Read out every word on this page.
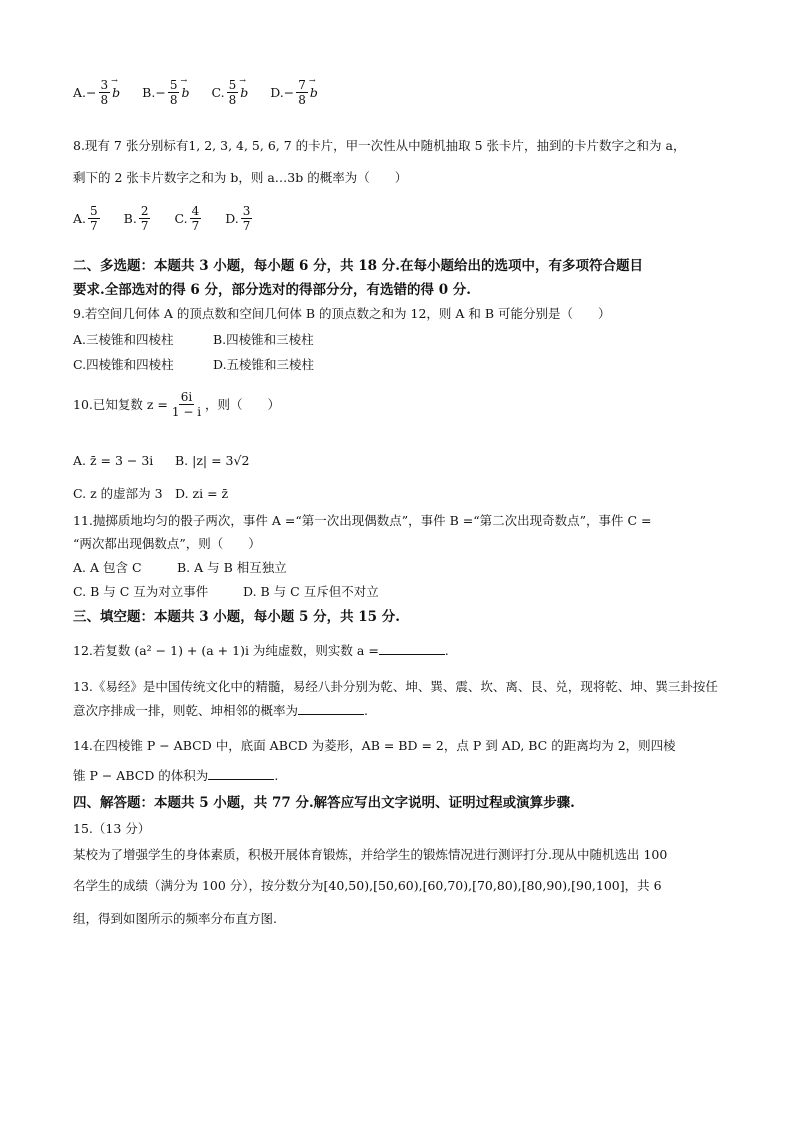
A. − $\frac{3}{8}$
→ b B. − $\frac{5}{8}$
→ b C. $\frac{5}{8}$
→ b D. − $\frac{7}{8}$
→ b
8.现有 7 张分别标有1, 2, 3, 4, 5, 6, 7 的卡片，甲一次性从中随机抽取 5 张卡片，抽到的卡片数字之和为 a，
剩下的 2 张卡片数字之和为 b，则 a…3b 的概率为（　　）
A. $\frac{5}{7} B$. $\frac{2}{7} C$. $\frac{4}{7} D$. $\frac{3}{7}$
二、多选题：本题共 3 小题，每小题 6 分，共 18 分.在每小题给出的选项中，有多项符合题目
要求.全部选对的得 6 分，部分选对的得部分分，有选错的得 0 分.
9.若空间几何体 A 的顶点数和空间几何体 B 的顶点数之和为 12，则 A 和 B 可能分别是（　　）
A.三棱锥和四棱柱	B.四棱锥和三棱柱
C.四棱锥和四棱柱	D.五棱锥和三棱柱
10.已知复数 $z = \frac{6i}{1 - i}$ ，则（　　）
A. z̄ = 3 − 3i B. |z| = 3√2
C. z 的虚部为 3 D. zi = z̄
11.抛掷质地均匀的骰子两次，事件 A =“第一次出现偶数点”，事件 B =“第二次出现奇数点”，事件 C =
“两次都出现偶数点”，则（　　）
A. A 包含 C	B. A 与 B 相互独立
C. B 与 C 互为对立事件	D. B 与 C 互斥但不对立
三、填空题：本题共 3 小题，每小题 5 分，共 15 分.
12.若复数 (a² − 1) + (a + 1)i 为纯虚数，则实数 a =	.
13.《易经》是中国传统文化中的精髓，易经八卦分别为乾、坤、巽、震、坎、离、艮、兑，现将乾、坤、巽三卦按任
意次序排成一排，则乾、坤相邻的概率为	.
14.在四棱锥 P − ABCD 中，底面 ABCD 为菱形，AB = BD = 2，点 P 到 AD, BC 的距离均为 2，则四棱
锥 P − ABCD 的体积为	.
四、解答题：本题共 5 小题，共 77 分.解答应写出文字说明、证明过程或演算步骤.
15.（13 分）
某校为了增强学生的身体素质，积极开展体育锻炼，并给学生的锻炼情况进行测评打分.现从中随机选出 100
名学生的成绩（满分为 100 分），按分数分为[40,50),[50,60),[60,70),[70,80),[80,90),[90,100]，共 6
组，得到如图所示的频率分布直方图.
